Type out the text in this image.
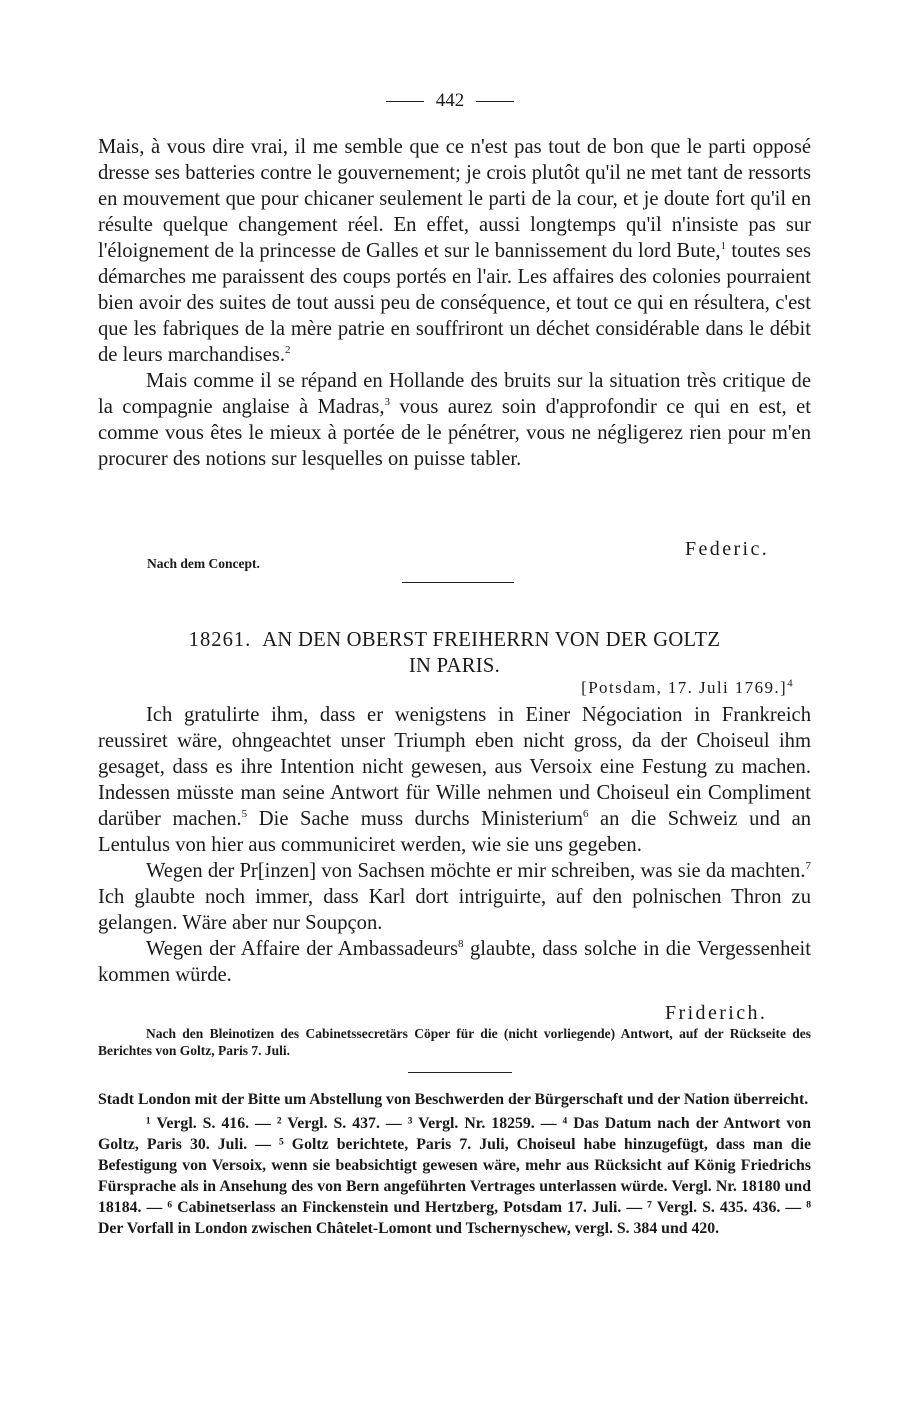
442

Mais, à vous dire vrai, il me semble que ce n'est pas tout de bon que le parti opposé dresse ses batteries contre le gouvernement; je crois plutôt qu'il ne met tant de ressorts en mouvement que pour chicaner seulement le parti de la cour, et je doute fort qu'il en résulte quelque changement réel. En effet, aussi longtemps qu'il n'insiste pas sur l'éloignement de la princesse de Galles et sur le bannissement du lord Bute,$^1$ toutes ses démarches me paraissent des coups portés en l'air. Les affaires des colonies pourraient bien avoir des suites de tout aussi peu de conséquence, et tout ce qui en résultera, c'est que les fabriques de la mère patrie en souffriront un déchet considérable dans le débit de leurs marchandises.$^2$

Mais comme il se répand en Hollande des bruits sur la situation très critique de la compagnie anglaise à Madras,$^3$ vous aurez soin d'approfondir ce qui en est, et comme vous êtes le mieux à portée de le pénétrer, vous ne négligerez rien pour m'en procurer des notions sur lesquelles on puisse tabler.

Federic.
Nach dem Concept.
18261. AN DEN OBERST FREIHERRN VON DER GOLTZ
IN PARIS.
[Potsdam, 17. Juli 1769.]$^4$

Ich gratulirte ihm, dass er wenigstens in Einer Négociation in Frankreich reussiret wäre, ohngeachtet unser Triumph eben nicht gross, da der Choiseul ihm gesaget, dass es ihre Intention nicht gewesen, aus Versoix eine Festung zu machen. Indessen müsste man seine Antwort für Wille nehmen und Choiseul ein Compliment darüber machen.$^5$ Die Sache muss durchs Ministerium$^6$ an die Schweiz und an Lentulus von hier aus communiciret werden, wie sie uns gegeben.

Wegen der Pr[inzen] von Sachsen möchte er mir schreiben, was sie da machten.$^7$ Ich glaubte noch immer, dass Karl dort intriguirte, auf den polnischen Thron zu gelangen. Wäre aber nur Soupçon.

Wegen der Affaire der Ambassadeurs$^8$ glaubte, dass solche in die Vergessenheit kommen würde.

Friderich.
Nach den Bleinotizen des Cabinetssecretärs Cöper für die (nicht vorliegende) Antwort, auf der Rückseite des Berichtes von Goltz, Paris 7. Juli.

Stadt London mit der Bitte um Abstellung von Beschwerden der Bürgerschaft und der Nation überreicht.

¹ Vergl. S. 416. — ² Vergl. S. 437. — ³ Vergl. Nr. 18259. — ⁴ Das Datum nach der Antwort von Goltz, Paris 30. Juli. — ⁵ Goltz berichtete, Paris 7. Juli, Choiseul habe hinzugefügt, dass man die Befestigung von Versoix, wenn sie beabsichtigt gewesen wäre, mehr aus Rücksicht auf König Friedrichs Fürsprache als in Ansehung des von Bern angeführten Vertrages unterlassen würde. Vergl. Nr. 18180 und 18184. — ⁶ Cabinetserlass an Finckenstein und Hertzberg, Potsdam 17. Juli. — ⁷ Vergl. S. 435. 436. — ⁸ Der Vorfall in London zwischen Châtelet-Lomont und Tschernyschew, vergl. S. 384 und 420.
